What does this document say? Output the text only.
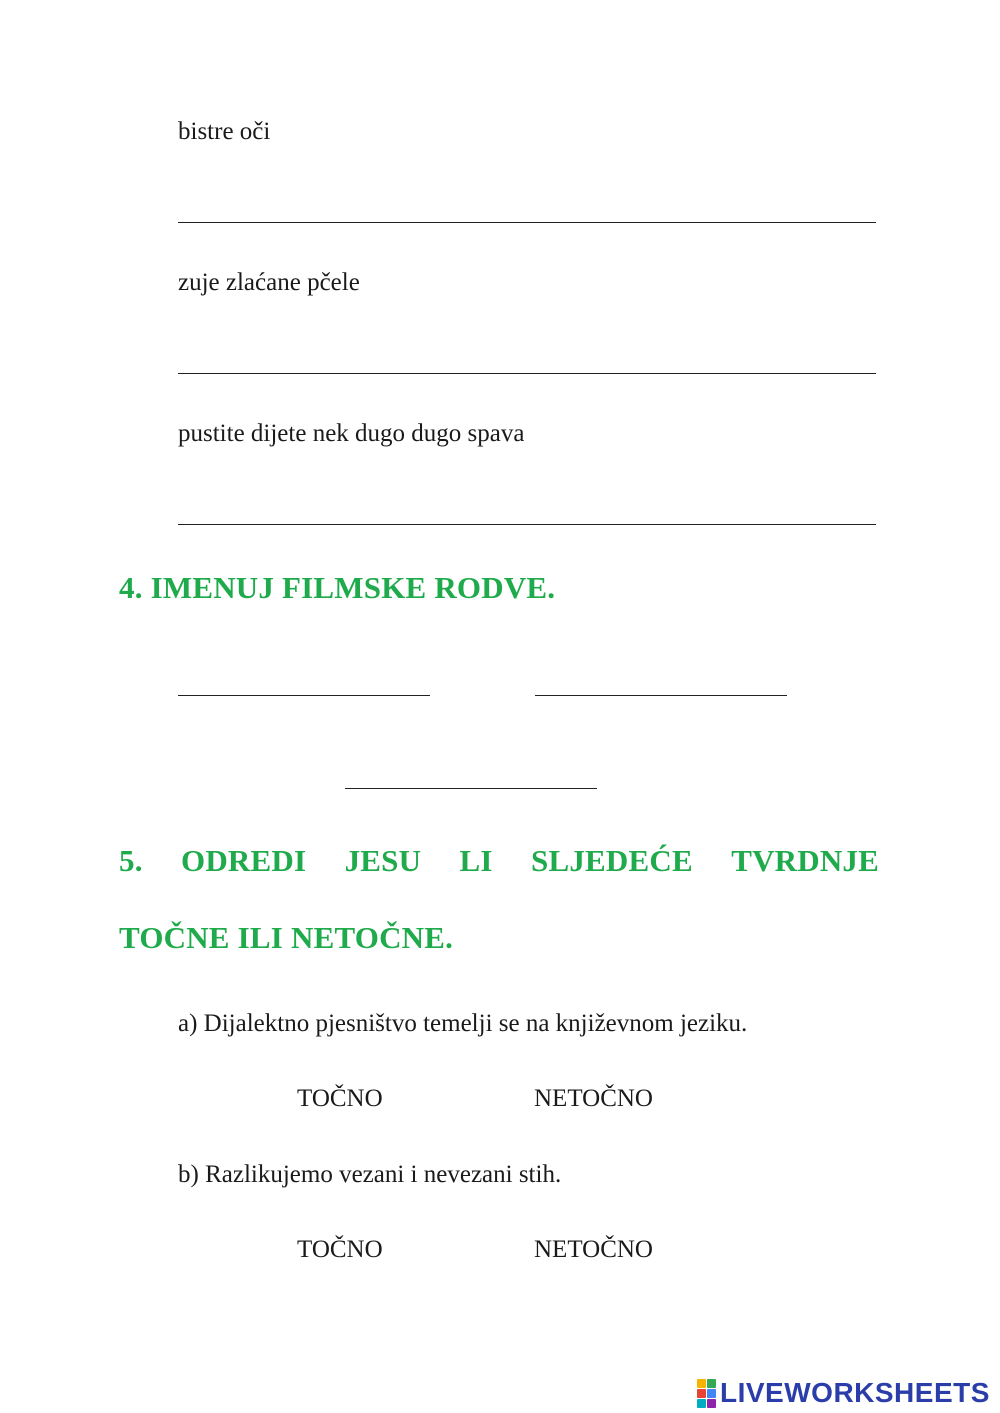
bistre oči
zuje zlaćane pčele
pustite dijete nek dugo dugo spava
4. IMENUJ FILMSKE RODVE.
5. ODREDI JESU LI SLJEDEĆE TVRDNJE
TOČNE ILI NETOČNE.
a) Dijalektno pjesništvo temelji se na književnom jeziku.
TOČNO	NETOČNO
b) Razlikujemo vezani i nevezani stih.
TOČNO	NETOČNO
LIVEWORKSHEETS
